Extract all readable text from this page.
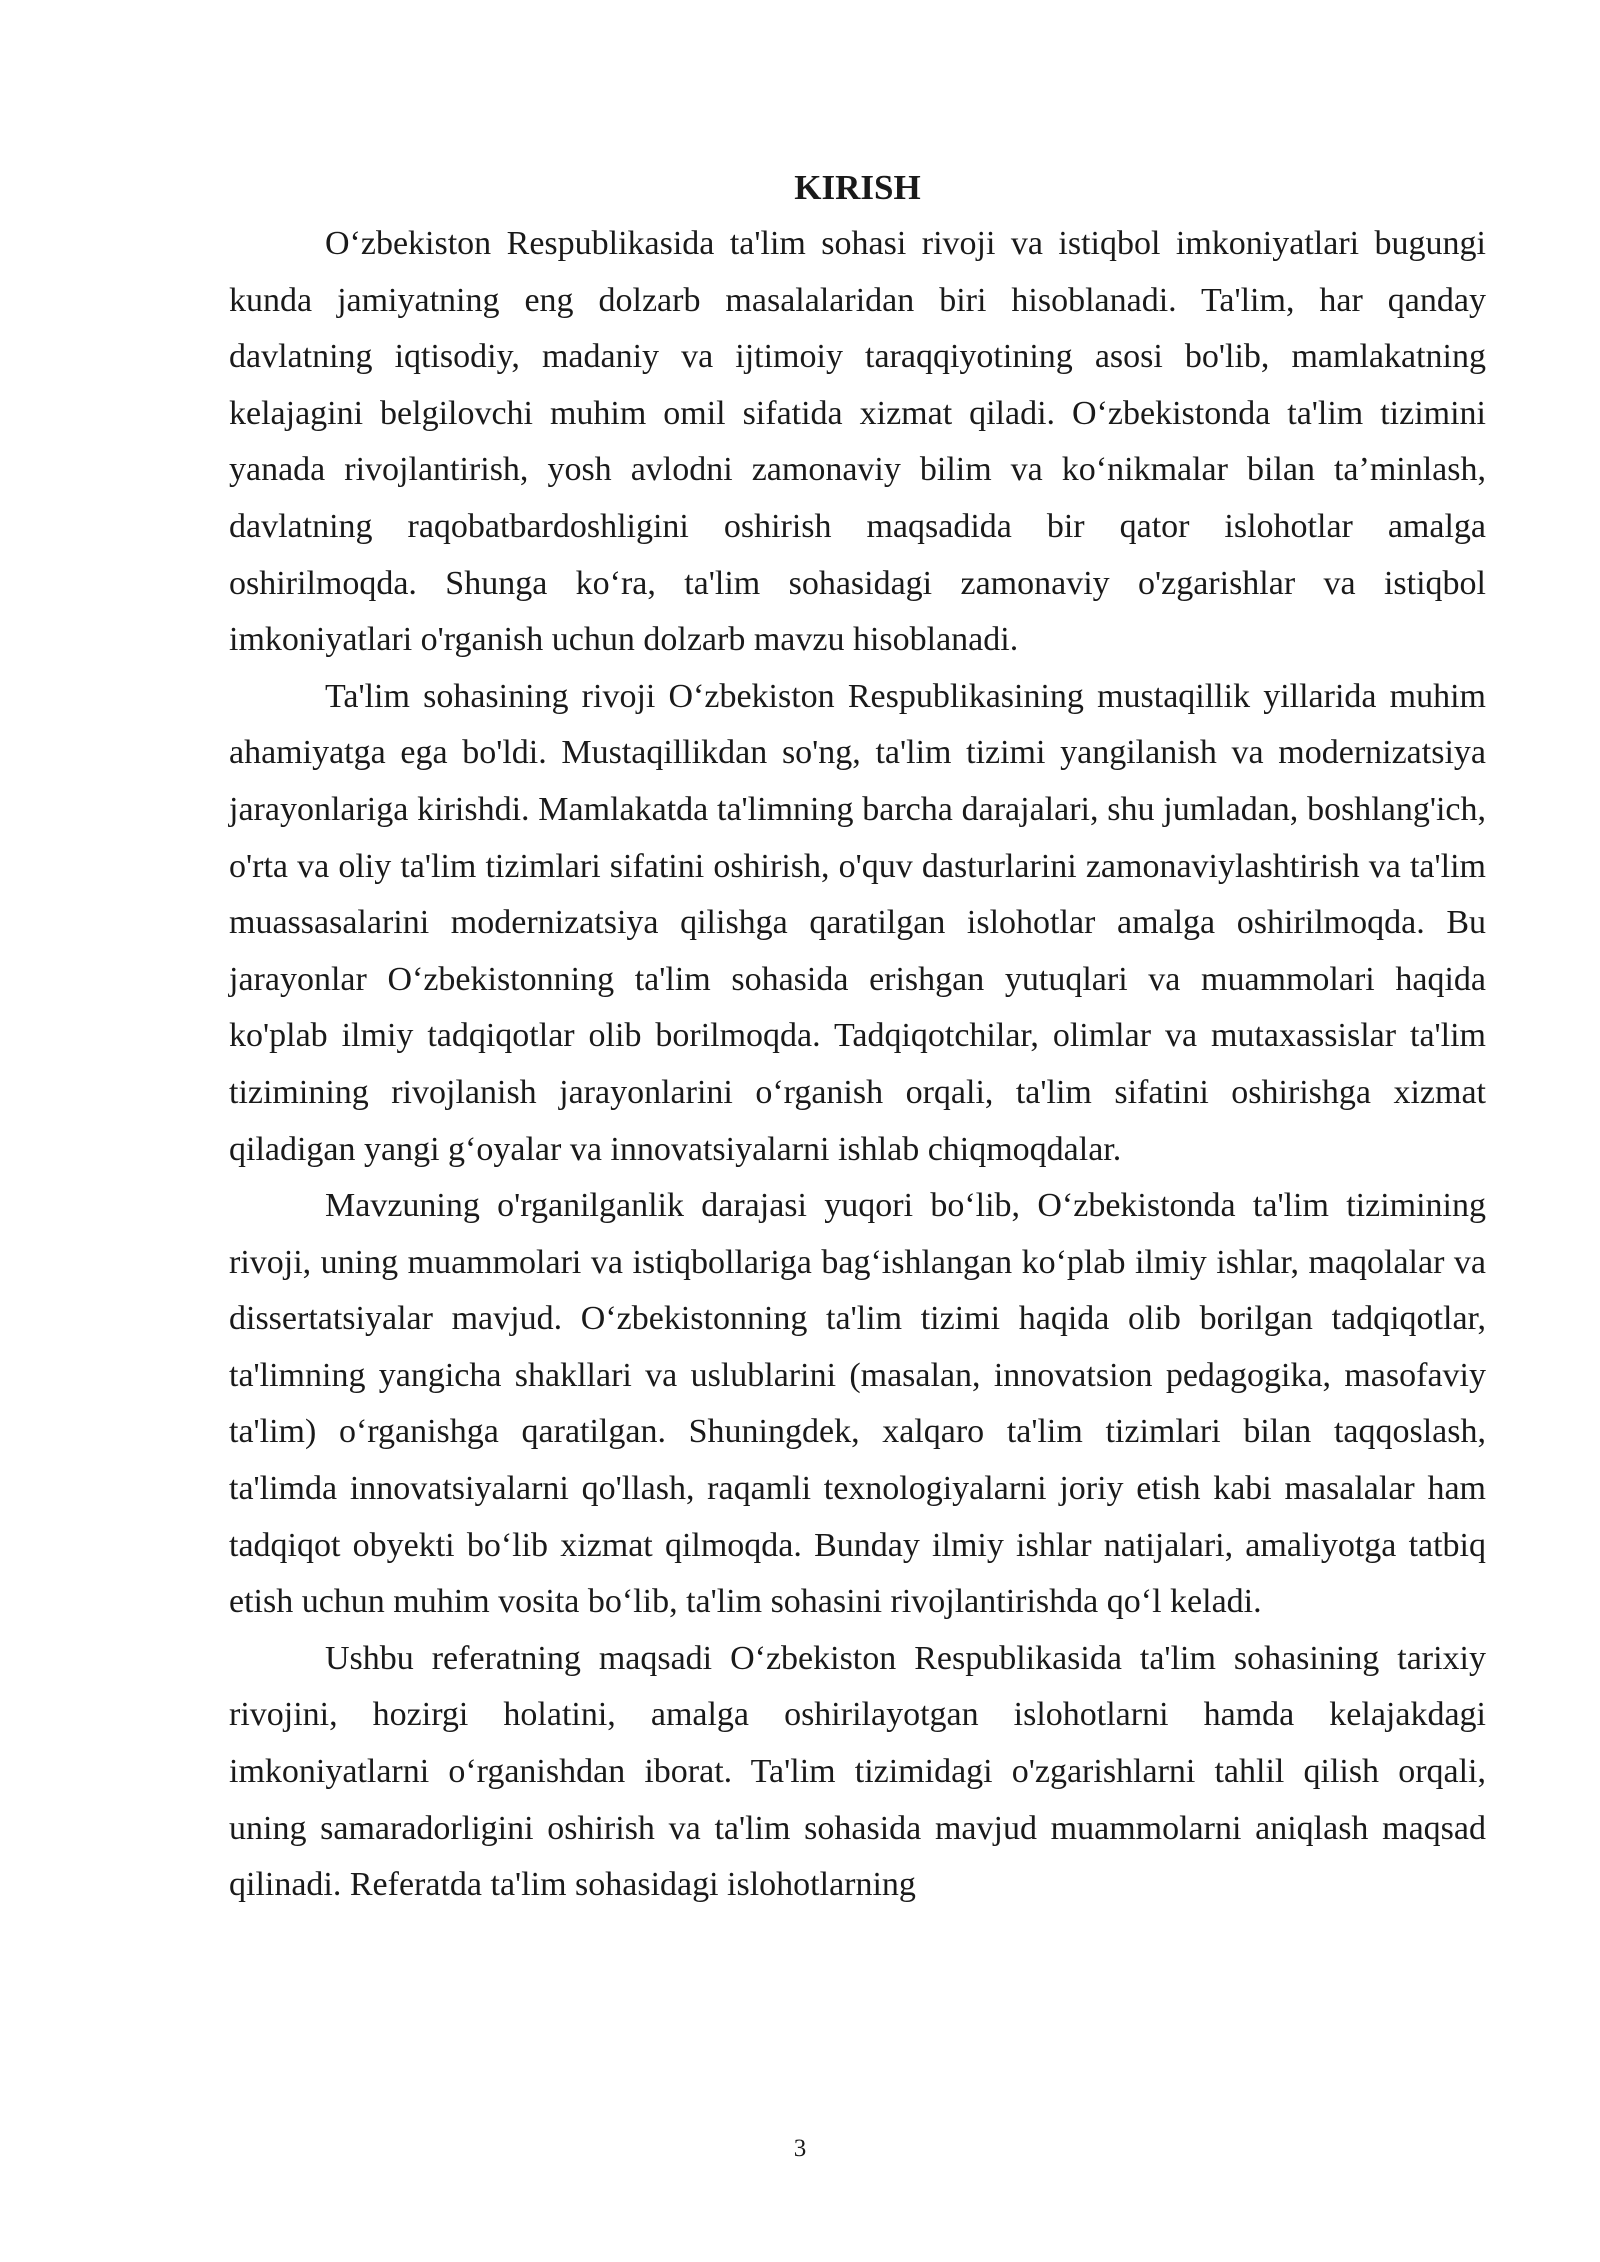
KIRISH

O‘zbekiston Respublikasida ta'lim sohasi rivoji va istiqbol imkoniyatlari bugungi kunda jamiyatning eng dolzarb masalalaridan biri hisoblanadi. Ta'lim, har qanday davlatning iqtisodiy, madaniy va ijtimoiy taraqqiyotining asosi bo'lib, mamlakatning kelajagini belgilovchi muhim omil sifatida xizmat qiladi. O‘zbekistonda ta'lim tizimini yanada rivojlantirish, yosh avlodni zamonaviy bilim va ko‘nikmalar bilan ta’minlash, davlatning raqobatbardoshligini oshirish maqsadida bir qator islohotlar amalga oshirilmoqda. Shunga ko‘ra, ta'lim sohasidagi zamonaviy o'zgarishlar va istiqbol imkoniyatlari o'rganish uchun dolzarb mavzu hisoblanadi.

Ta'lim sohasining rivoji O‘zbekiston Respublikasining mustaqillik yillarida muhim ahamiyatga ega bo'ldi. Mustaqillikdan so'ng, ta'lim tizimi yangilanish va modernizatsiya jarayonlariga kirishdi. Mamlakatda ta'limning barcha darajalari, shu jumladan, boshlang'ich, o'rta va oliy ta'lim tizimlari sifatini oshirish, o'quv dasturlarini zamonaviylashtirish va ta'lim muassasalarini modernizatsiya qilishga qaratilgan islohotlar amalga oshirilmoqda. Bu jarayonlar O‘zbekistonning ta'lim sohasida erishgan yutuqlari va muammolari haqida ko'plab ilmiy tadqiqotlar olib borilmoqda. Tadqiqotchilar, olimlar va mutaxassislar ta'lim tizimining rivojlanish jarayonlarini o‘rganish orqali, ta'lim sifatini oshirishga xizmat qiladigan yangi g‘oyalar va innovatsiyalarni ishlab chiqmoqdalar.

Mavzuning o'rganilganlik darajasi yuqori bo‘lib, O‘zbekistonda ta'lim tizimining rivoji, uning muammolari va istiqbollariga bag‘ishlangan ko‘plab ilmiy ishlar, maqolalar va dissertatsiyalar mavjud. O‘zbekistonning ta'lim tizimi haqida olib borilgan tadqiqotlar, ta'limning yangicha shakllari va uslublarini (masalan, innovatsion pedagogika, masofaviy ta'lim) o‘rganishga qaratilgan. Shuningdek, xalqaro ta'lim tizimlari bilan taqqoslash, ta'limda innovatsiyalarni qo'llash, raqamli texnologiyalarni joriy etish kabi masalalar ham tadqiqot obyekti bo‘lib xizmat qilmoqda. Bunday ilmiy ishlar natijalari, amaliyotga tatbiq etish uchun muhim vosita bo‘lib, ta'lim sohasini rivojlantirishda qo‘l keladi.

Ushbu referatning maqsadi O‘zbekiston Respublikasida ta'lim sohasining tarixiy rivojini, hozirgi holatini, amalga oshirilayotgan islohotlarni hamda kelajakdagi imkoniyatlarni o‘rganishdan iborat. Ta'lim tizimidagi o'zgarishlarni tahlil qilish orqali, uning samaradorligini oshirish va ta'lim sohasida mavjud muammolarni aniqlash maqsad qilinadi. Referatda ta'lim sohasidagi islohotlarning

3
